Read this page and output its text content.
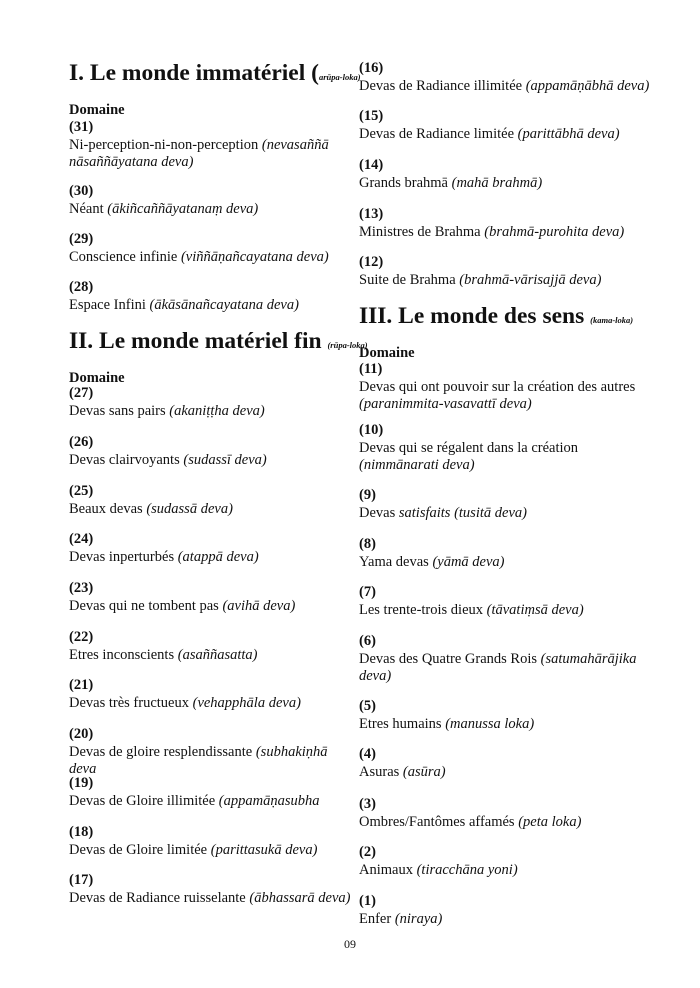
I. Le monde immatériel (arūpa-loka)
Domaine
(31)
Ni-perception-ni-non-perception (nevasaññā nāsaññāyatana deva)
(30)
Néant (ākiñcaññāyatanaṃ deva)
(29)
Conscience infinie (viññāṇañcayatana deva)
(28)
Espace Infini (ākāsānañcayatana deva)
II. Le monde matériel fin (rūpa-loka)
Domaine
(27)
Devas sans pairs (akaniṭṭha deva)
(26)
Devas clairvoyants (sudassī deva)
(25)
Beaux devas (sudassā deva)
(24)
Devas inperturbés (atappā deva)
(23)
Devas qui ne tombent pas (avihā deva)
(22)
Etres inconscients (asaññasatta)
(21)
Devas très fructueux (vehapphāla deva)
(20)
Devas de gloire resplendissante (subhakiṇhā deva
(19)
Devas de Gloire illimitée (appamāṇasubha
(18)
Devas de Gloire limitée (parittasukā deva)
(17)
Devas de Radiance ruisselante (ābhassarā deva)
(16)
Devas de Radiance illimitée (appamāṇābhā deva)
(15)
Devas de Radiance limitée (parittābhā deva)
(14)
Grands brahmā (mahā brahmā)
(13)
Ministres de Brahma (brahmā-purohita deva)
(12)
Suite de Brahma (brahmā-vārisajjā deva)
III. Le monde des sens (kama-loka)
Domaine
(11)
Devas qui ont pouvoir sur la création des autres (paranimmita-vasavattī deva)
(10)
Devas qui se régalent dans la création (nimmānarati deva)
(9)
Devas satisfaits (tusitā deva)
(8)
Yama devas (yāmā deva)
(7)
Les trente-trois dieux (tāvatiṃsā deva)
(6)
Devas des Quatre Grands Rois (satumahārājika deva)
(5)
Etres humains (manussa loka)
(4)
Asuras (asūra)
(3)
Ombres/Fantômes affamés (peta loka)
(2)
Animaux (tiracchāna yoni)
(1)
Enfer (niraya)
09
